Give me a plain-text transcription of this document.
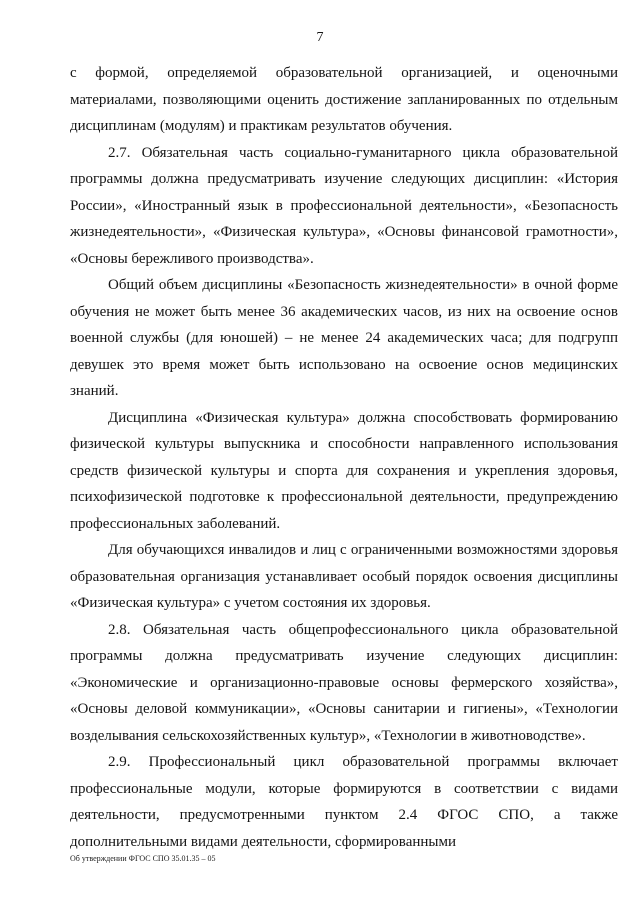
7

с формой, определяемой образовательной организацией, и оценочными материалами, позволяющими оценить достижение запланированных по отдельным дисциплинам (модулям) и практикам результатов обучения.

2.7. Обязательная часть социально-гуманитарного цикла образовательной программы должна предусматривать изучение следующих дисциплин: «История России», «Иностранный язык в профессиональной деятельности», «Безопасность жизнедеятельности», «Физическая культура», «Основы финансовой грамотности», «Основы бережливого производства».

Общий объем дисциплины «Безопасность жизнедеятельности» в очной форме обучения не может быть менее 36 академических часов, из них на освоение основ военной службы (для юношей) – не менее 24 академических часа; для подгрупп девушек это время может быть использовано на освоение основ медицинских знаний.

Дисциплина «Физическая культура» должна способствовать формированию физической культуры выпускника и способности направленного использования средств физической культуры и спорта для сохранения и укрепления здоровья, психофизической подготовке к профессиональной деятельности, предупреждению профессиональных заболеваний.

Для обучающихся инвалидов и лиц с ограниченными возможностями здоровья образовательная организация устанавливает особый порядок освоения дисциплины «Физическая культура» с учетом состояния их здоровья.

2.8. Обязательная часть общепрофессионального цикла образовательной программы должна предусматривать изучение следующих дисциплин: «Экономические и организационно-правовые основы фермерского хозяйства», «Основы деловой коммуникации», «Основы санитарии и гигиены», «Технологии возделывания сельскохозяйственных культур», «Технологии в животноводстве».

2.9. Профессиональный цикл образовательной программы включает профессиональные модули, которые формируются в соответствии с видами деятельности, предусмотренными пунктом 2.4 ФГОС СПО, а также дополнительными видами деятельности, сформированными

Об утверждении ФГОС СПО 35.01.35 – 05
